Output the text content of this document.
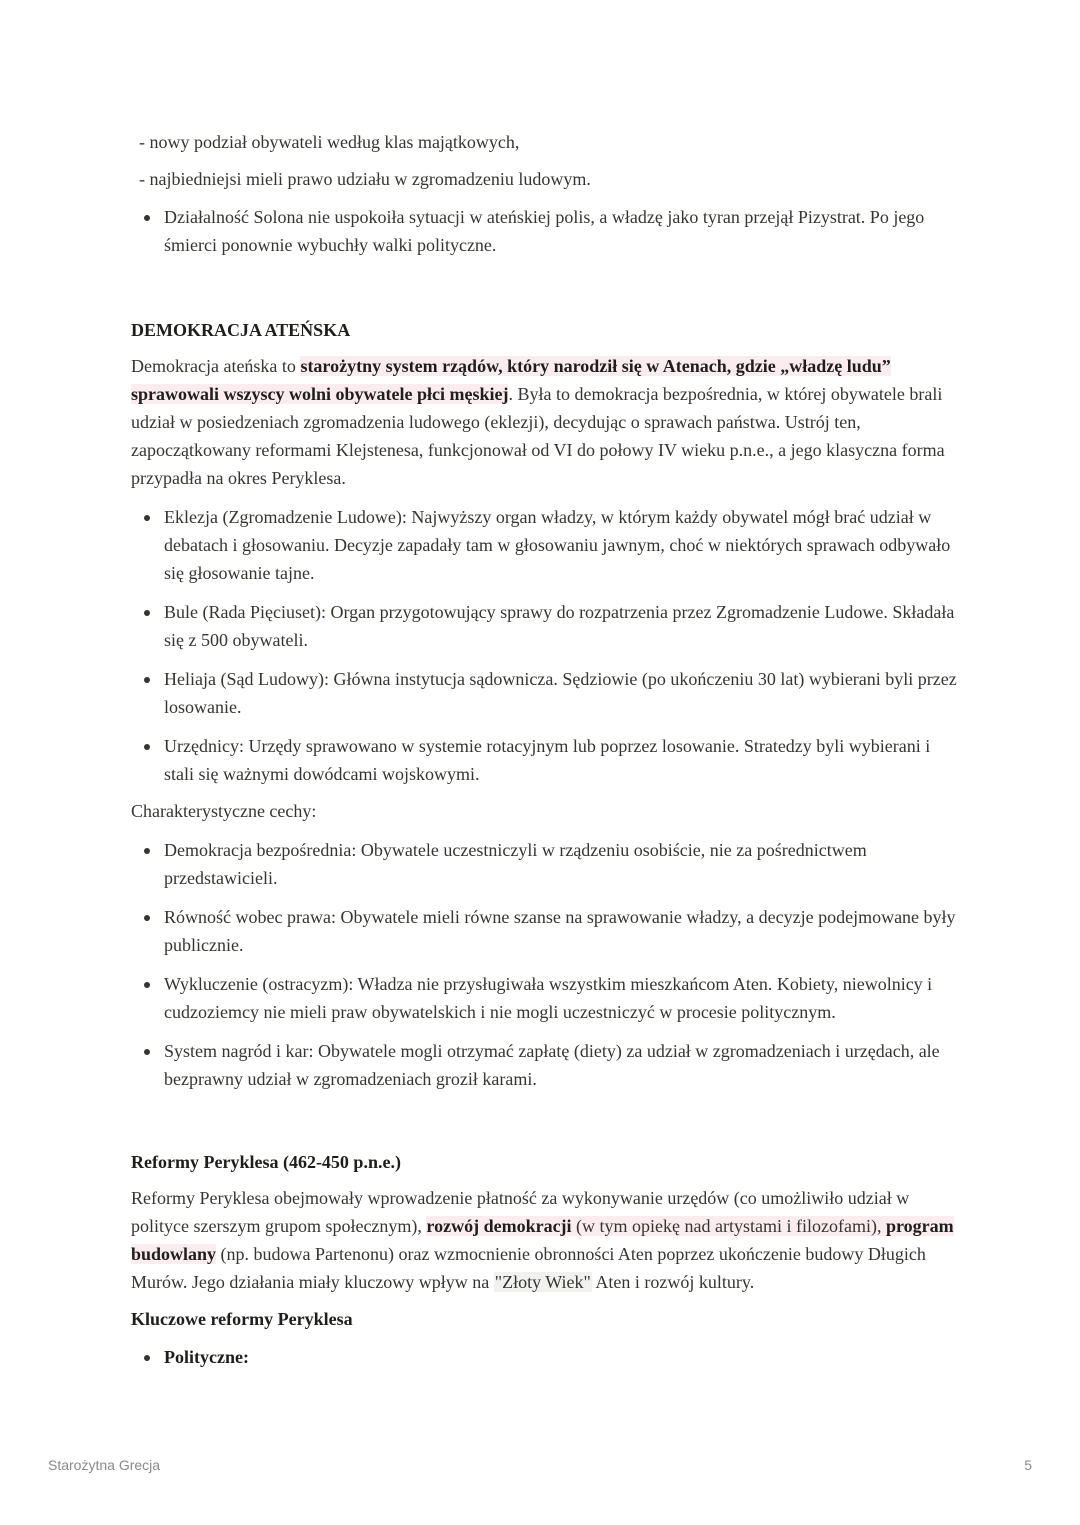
- nowy podział obywateli według klas majątkowych,

- najbiedniejsi mieli prawo udziału w zgromadzeniu ludowym.

Działalność Solona nie uspokoiła sytuacji w ateńskiej polis, a władzę jako tyran przejął Pizystrat. Po jego śmierci ponownie wybuchły walki polityczne.
DEMOKRACJA ATEŃSKA

Demokracja ateńska to starożytny system rządów, który narodził się w Atenach, gdzie „władzę ludu” sprawowali wszyscy wolni obywatele płci męskiej. Była to demokracja bezpośrednia, w której obywatele brali udział w posiedzeniach zgromadzenia ludowego (eklezji), decydując o sprawach państwa. Ustrój ten, zapoczątkowany reformami Klejstenesa, funkcjonował od VI do połowy IV wieku p.n.e., a jego klasyczna forma przypadła na okres Peryklesa.

Eklezja (Zgromadzenie Ludowe): Najwyższy organ władzy, w którym każdy obywatel mógł brać udział w debatach i głosowaniu. Decyzje zapadały tam w głosowaniu jawnym, choć w niektórych sprawach odbywało się głosowanie tajne.
Bule (Rada Pięciuset): Organ przygotowujący sprawy do rozpatrzenia przez Zgromadzenie Ludowe. Składała się z 500 obywateli.
Heliaja (Sąd Ludowy): Główna instytucja sądownicza. Sędziowie (po ukończeniu 30 lat) wybierani byli przez losowanie.
Urzędnicy: Urzędy sprawowano w systemie rotacyjnym lub poprzez losowanie. Stratedzy byli wybierani i stali się ważnymi dowódcami wojskowymi.

Charakterystyczne cechy:

Demokracja bezpośrednia: Obywatele uczestniczyli w rządzeniu osobiście, nie za pośrednictwem przedstawicieli.
Równość wobec prawa: Obywatele mieli równe szanse na sprawowanie władzy, a decyzje podejmowane były publicznie.
Wykluczenie (ostracyzm): Władza nie przysługiwała wszystkim mieszkańcom Aten. Kobiety, niewolnicy i cudzoziemcy nie mieli praw obywatelskich i nie mogli uczestniczyć w procesie politycznym.
System nagród i kar: Obywatele mogli otrzymać zapłatę (diety) za udział w zgromadzeniach i urzędach, ale bezprawny udział w zgromadzeniach groził karami.
Reformy Peryklesa (462-450 p.n.e.)

Reformy Peryklesa obejmowały wprowadzenie płatność za wykonywanie urzędów (co umożliwiło udział w polityce szerszym grupom społecznym), rozwój demokracji (w tym opiekę nad artystami i filozofami), program budowlany (np. budowa Partenonu) oraz wzmocnienie obronności Aten poprzez ukończenie budowy Długich Murów. Jego działania miały kluczowy wpływ na "Złoty Wiek" Aten i rozwój kultury.

Kluczowe reformy Peryklesa
Polityczne:
Starożytna Grecja	5
